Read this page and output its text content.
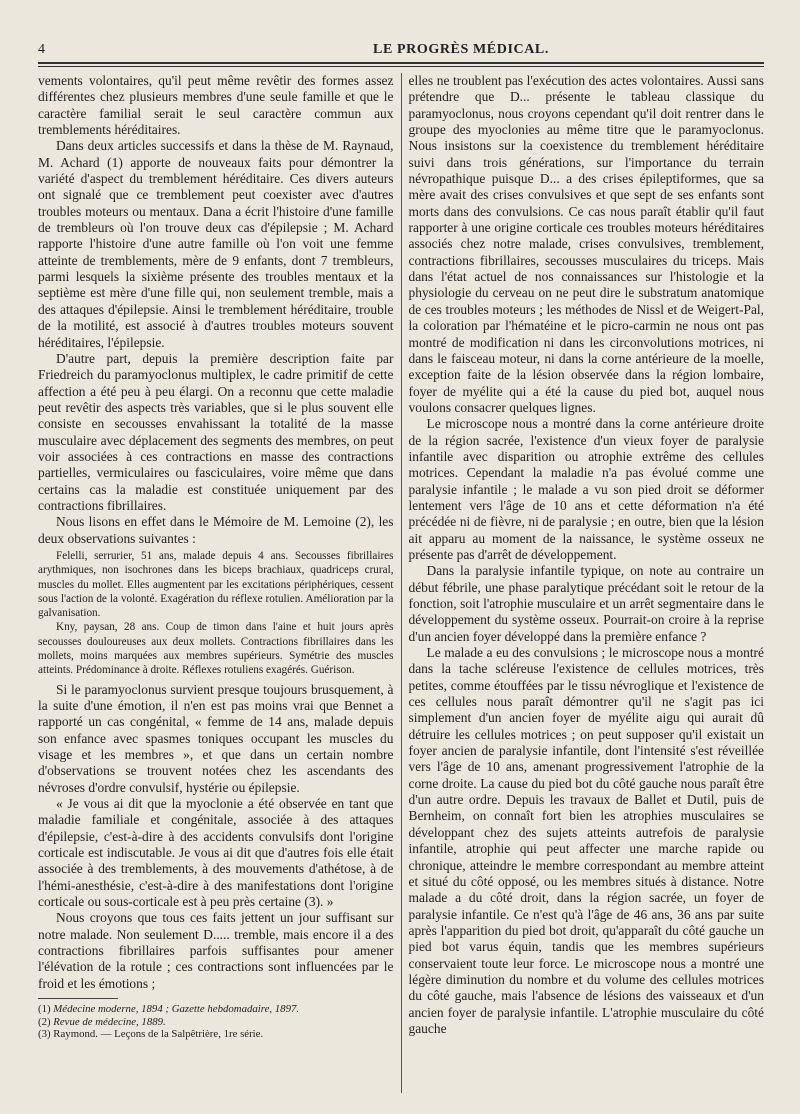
4	LE PROGRÈS MÉDICAL.

vements volontaires, qu'il peut même revêtir des formes assez différentes chez plusieurs membres d'une seule famille et que le caractère familial serait le seul caractère commun aux tremblements héréditaires.

Dans deux articles successifs et dans la thèse de M. Raynaud, M. Achard (1) apporte de nouveaux faits pour démontrer la variété d'aspect du tremblement héréditaire. Ces divers auteurs ont signalé que ce tremblement peut coexister avec d'autres troubles moteurs ou mentaux. Dana a écrit l'histoire d'une famille de trembleurs où l'on trouve deux cas d'épilepsie ; M. Achard rapporte l'histoire d'une autre famille où l'on voit une femme atteinte de tremblements, mère de 9 enfants, dont 7 trembleurs, parmi lesquels la sixième présente des troubles mentaux et la septième est mère d'une fille qui, non seulement tremble, mais a des attaques d'épilepsie. Ainsi le tremblement héréditaire, trouble de la motilité, est associé à d'autres troubles moteurs souvent héréditaires, l'épilepsie.

D'autre part, depuis la première description faite par Friedreich du paramyoclonus multiplex, le cadre primitif de cette affection a été peu à peu élargi. On a reconnu que cette maladie peut revêtir des aspects très variables, que si le plus souvent elle consiste en secousses envahissant la totalité de la masse musculaire avec déplacement des segments des membres, on peut voir associées à ces contractions en masse des contractions partielles, vermiculaires ou fasciculaires, voire même que dans certains cas la maladie est constituée uniquement par des contractions fibrillaires.

Nous lisons en effet dans le Mémoire de M. Lemoine (2), les deux observations suivantes :

Felelli, serrurier, 51 ans, malade depuis 4 ans. Secousses fibrillaires arythmiques, non isochrones dans les biceps brachiaux, quadriceps crural, muscles du mollet. Elles augmentent par les excitations périphériques, cessent sous l'action de la volonté. Exagération du réflexe rotulien. Amélioration par la galvanisation.

Kny, paysan, 28 ans. Coup de timon dans l'aine et huit jours après secousses douloureuses aux deux mollets. Contractions fibrillaires dans les mollets, moins marquées aux membres supérieurs. Symétrie des muscles atteints. Prédominance à droite. Réflexes rotuliens exagérés. Guérison.

Si le paramyoclonus survient presque toujours brusquement, à la suite d'une émotion, il n'en est pas moins vrai que Bennet a rapporté un cas congénital, « femme de 14 ans, malade depuis son enfance avec spasmes toniques occupant les muscles du visage et les membres », et que dans un certain nombre d'observations se trouvent notées chez les ascendants des névroses d'ordre convulsif, hystérie ou épilepsie.

« Je vous ai dit que la myoclonie a été observée en tant que maladie familiale et congénitale, associée à des attaques d'épilepsie, c'est-à-dire à des accidents convulsifs dont l'origine corticale est indiscutable. Je vous ai dit que d'autres fois elle était associée à des tremblements, à des mouvements d'athétose, à de l'hémi-anesthésie, c'est-à-dire à des manifestations dont l'origine corticale ou sous-corticale est à peu près certaine (3). »

Nous croyons que tous ces faits jettent un jour suffisant sur notre malade. Non seulement D..... tremble, mais encore il a des contractions fibrillaires parfois suffisantes pour amener l'élévation de la rotule ; ces contractions sont influencées par le froid et les émotions ;

(1) Médecine moderne, 1894 ; Gazette hebdomadaire, 1897.
(2) Revue de médecine, 1889.
(3) Raymond. — Leçons de la Salpêtrière, 1re série.

elles ne troublent pas l'exécution des actes volontaires. Aussi sans prétendre que D... présente le tableau classique du paramyoclonus, nous croyons cependant qu'il doit rentrer dans le groupe des myoclonies au même titre que le paramyoclonus. Nous insistons sur la coexistence du tremblement héréditaire suivi dans trois générations, sur l'importance du terrain névropathique puisque D... a des crises épileptiformes, que sa mère avait des crises convulsives et que sept de ses enfants sont morts dans des convulsions. Ce cas nous paraît établir qu'il faut rapporter à une origine corticale ces troubles moteurs héréditaires associés chez notre malade, crises convulsives, tremblement, contractions fibrillaires, secousses musculaires du triceps. Mais dans l'état actuel de nos connaissances sur l'histologie et la physiologie du cerveau on ne peut dire le substratum anatomique de ces troubles moteurs ; les méthodes de Nissl et de Weigert-Pal, la coloration par l'hématéine et le picro-carmin ne nous ont pas montré de modification ni dans les circonvolutions motrices, ni dans le faisceau moteur, ni dans la corne antérieure de la moelle, exception faite de la lésion observée dans la région lombaire, foyer de myélite qui a été la cause du pied bot, auquel nous voulons consacrer quelques lignes.

Le microscope nous a montré dans la corne antérieure droite de la région sacrée, l'existence d'un vieux foyer de paralysie infantile avec disparition ou atrophie extrême des cellules motrices. Cependant la maladie n'a pas évolué comme une paralysie infantile ; le malade a vu son pied droit se déformer lentement vers l'âge de 10 ans et cette déformation n'a été précédée ni de fièvre, ni de paralysie ; en outre, bien que la lésion ait apparu au moment de la naissance, le système osseux ne présente pas d'arrêt de développement.

Dans la paralysie infantile typique, on note au contraire un début fébrile, une phase paralytique précédant soit le retour de la fonction, soit l'atrophie musculaire et un arrêt segmentaire dans le développement du système osseux. Pourrait-on croire à la reprise d'un ancien foyer développé dans la première enfance ?

Le malade a eu des convulsions ; le microscope nous a montré dans la tache scléreuse l'existence de cellules motrices, très petites, comme étouffées par le tissu névroglique et l'existence de ces cellules nous paraît démontrer qu'il ne s'agit pas ici simplement d'un ancien foyer de myélite aigu qui aurait dû détruire les cellules motrices ; on peut supposer qu'il existait un foyer ancien de paralysie infantile, dont l'intensité s'est réveillée vers l'âge de 10 ans, amenant progressivement l'atrophie de la corne droite. La cause du pied bot du côté gauche nous paraît être d'un autre ordre. Depuis les travaux de Ballet et Dutil, puis de Bernheim, on connaît fort bien les atrophies musculaires se développant chez des sujets atteints autrefois de paralysie infantile, atrophie qui peut affecter une marche rapide ou chronique, atteindre le membre correspondant au membre atteint et situé du côté opposé, ou les membres situés à distance. Notre malade a du côté droit, dans la région sacrée, un foyer de paralysie infantile. Ce n'est qu'à l'âge de 46 ans, 36 ans par suite après l'apparition du pied bot droit, qu'apparaît du côté gauche un pied bot varus équin, tandis que les membres supérieurs conservaient toute leur force. Le microscope nous a montré une légère diminution du nombre et du volume des cellules motrices du côté gauche, mais l'absence de lésions des vaisseaux et d'un ancien foyer de paralysie infantile. L'atrophie musculaire du côté gauche
